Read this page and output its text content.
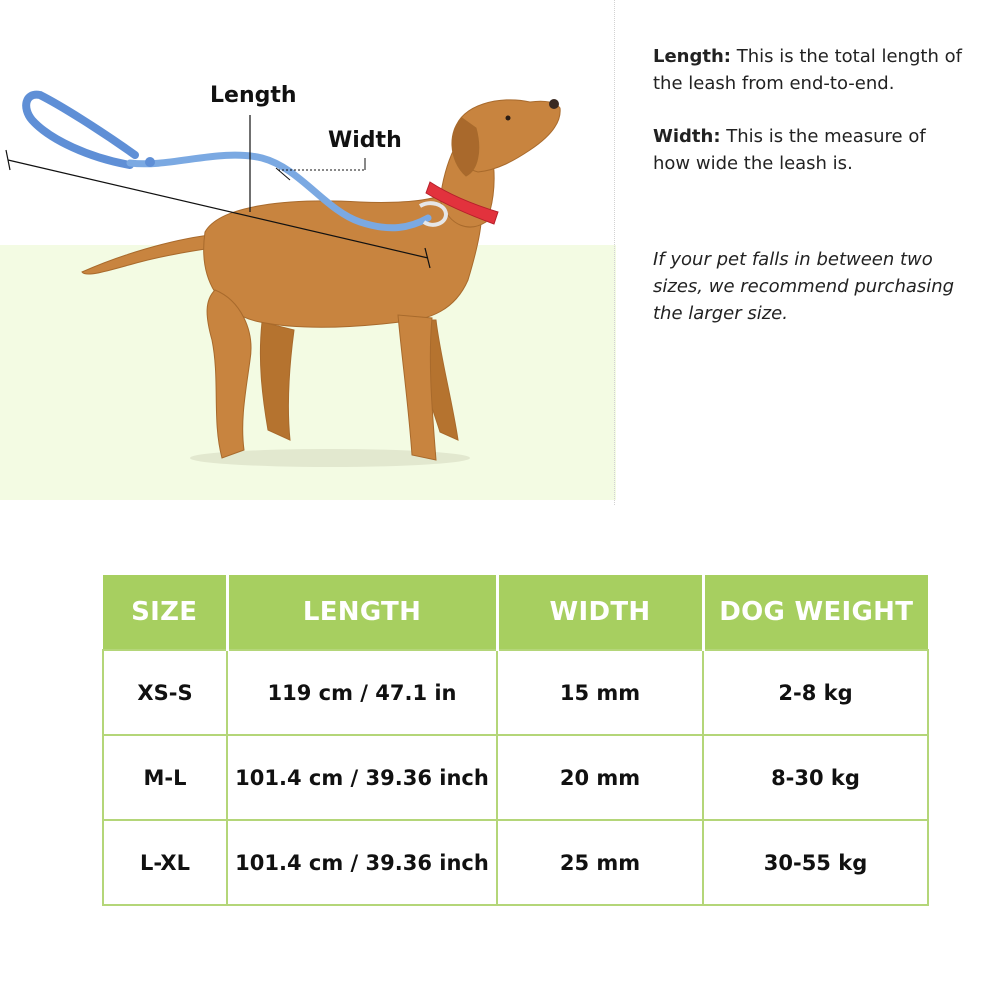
Length
Width
Length: This is the total length of the leash from end-to-end.
Width: This is the measure of how wide the leash is.
If your pet falls in between two sizes, we recommend purchasing the larger size.
SIZE	LENGTH	WIDTH	DOG WEIGHT
XS-S	119 cm / 47.1 in	15 mm	2-8 kg
M-L	101.4 cm / 39.36 inch	20 mm	8-30 kg
L-XL	101.4 cm / 39.36 inch	25 mm	30-55 kg
